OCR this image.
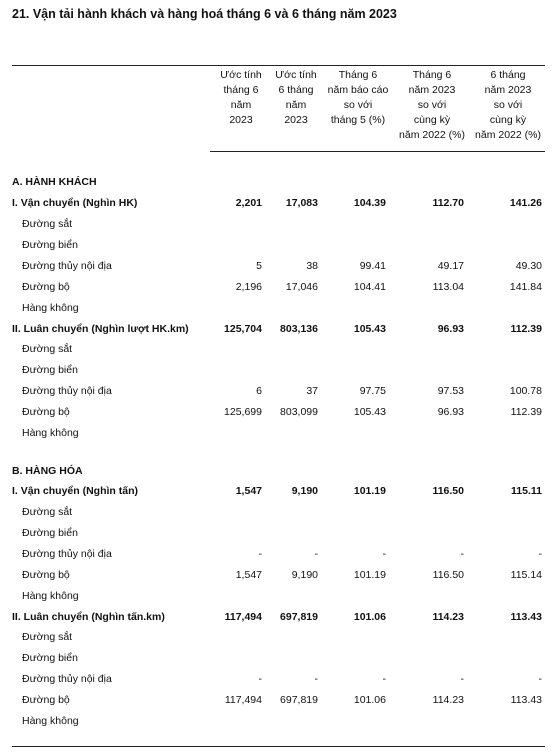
21. Vận tải hành khách và hàng hoá tháng 6 và 6 tháng năm 2023
Ước tính
tháng 6
năm
2023
Ước tính
6 tháng
năm
2023
Tháng 6
năm báo cáo
so với
tháng 5 (%)
Tháng 6
năm 2023
so với
cùng kỳ
năm 2022 (%)
6 tháng
năm 2023
so với
cùng kỳ
năm 2022 (%)
A. HÀNH KHÁCH
I. Vận chuyển (Nghìn HK)	2,201 17,083	104.39	112.70	141.26
Đường sắt
Đường biển
Đường thủy nội địa	5	38	99.41	49.17	49.30
Đường bộ	2,196 17,046	104.41	113.04	141.84
Hàng không
II. Luân chuyển (Nghìn lượt HK.km)	125,704 803,136	105.43	96.93	112.39
Đường sắt
Đường biển
Đường thủy nội địa	6	37	97.75	97.53	100.78
Đường bộ	125,699 803,099	105.43	96.93	112.39
Hàng không
B. HÀNG HÓA
I. Vận chuyển (Nghìn tấn)	1,547	9,190	101.19	116.50	115.11
Đường sắt
Đường biển
Đường thủy nội địa	-	-	-	-	-
Đường bộ	1,547	9,190	101.19	116.50	115.14
Hàng không
II. Luân chuyển (Nghìn tấn.km)	117,494 697,819	101.06	114.23	113.43
Đường sắt
Đường biển
Đường thủy nội địa	-	-	-	-	-
Đường bộ	117,494 697,819	101.06	114.23	113.43
Hàng không
